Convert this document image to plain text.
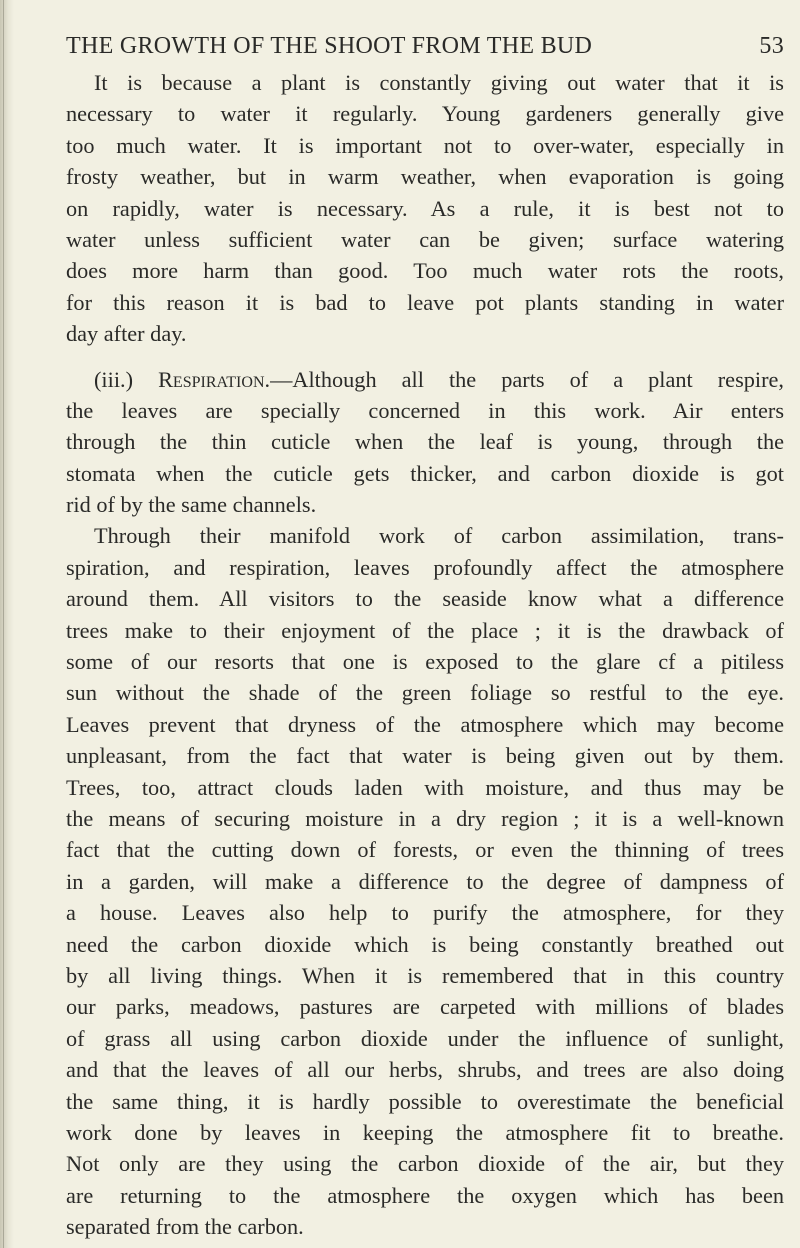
THE GROWTH OF THE SHOOT FROM THE BUD	53
It is because a plant is constantly giving out water that it is
necessary to water it regularly. Young gardeners generally give
too much water. It is important not to over-water, especially in
frosty weather, but in warm weather, when evaporation is going
on rapidly, water is necessary. As a rule, it is best not to
water unless sufficient water can be given; surface watering
does more harm than good. Too much water rots the roots,
for this reason it is bad to leave pot plants standing in water
day after day.
(iii.) Respiration.—Although all the parts of a plant respire,
the leaves are specially concerned in this work. Air enters
through the thin cuticle when the leaf is young, through the
stomata when the cuticle gets thicker, and carbon dioxide is got
rid of by the same channels.
Through their manifold work of carbon assimilation, trans-
spiration, and respiration, leaves profoundly affect the atmosphere
around them. All visitors to the seaside know what a difference
trees make to their enjoyment of the place ; it is the drawback of
some of our resorts that one is exposed to the glare cf a pitiless
sun without the shade of the green foliage so restful to the eye.
Leaves prevent that dryness of the atmosphere which may become
unpleasant, from the fact that water is being given out by them.
Trees, too, attract clouds laden with moisture, and thus may be
the means of securing moisture in a dry region ; it is a well-known
fact that the cutting down of forests, or even the thinning of trees
in a garden, will make a difference to the degree of dampness of
a house. Leaves also help to purify the atmosphere, for they
need the carbon dioxide which is being constantly breathed out
by all living things. When it is remembered that in this country
our parks, meadows, pastures are carpeted with millions of blades
of grass all using carbon dioxide under the influence of sunlight,
and that the leaves of all our herbs, shrubs, and trees are also doing
the same thing, it is hardly possible to overestimate the beneficial
work done by leaves in keeping the atmosphere fit to breathe.
Not only are they using the carbon dioxide of the air, but they
are returning to the atmosphere the oxygen which has been
separated from the carbon.
